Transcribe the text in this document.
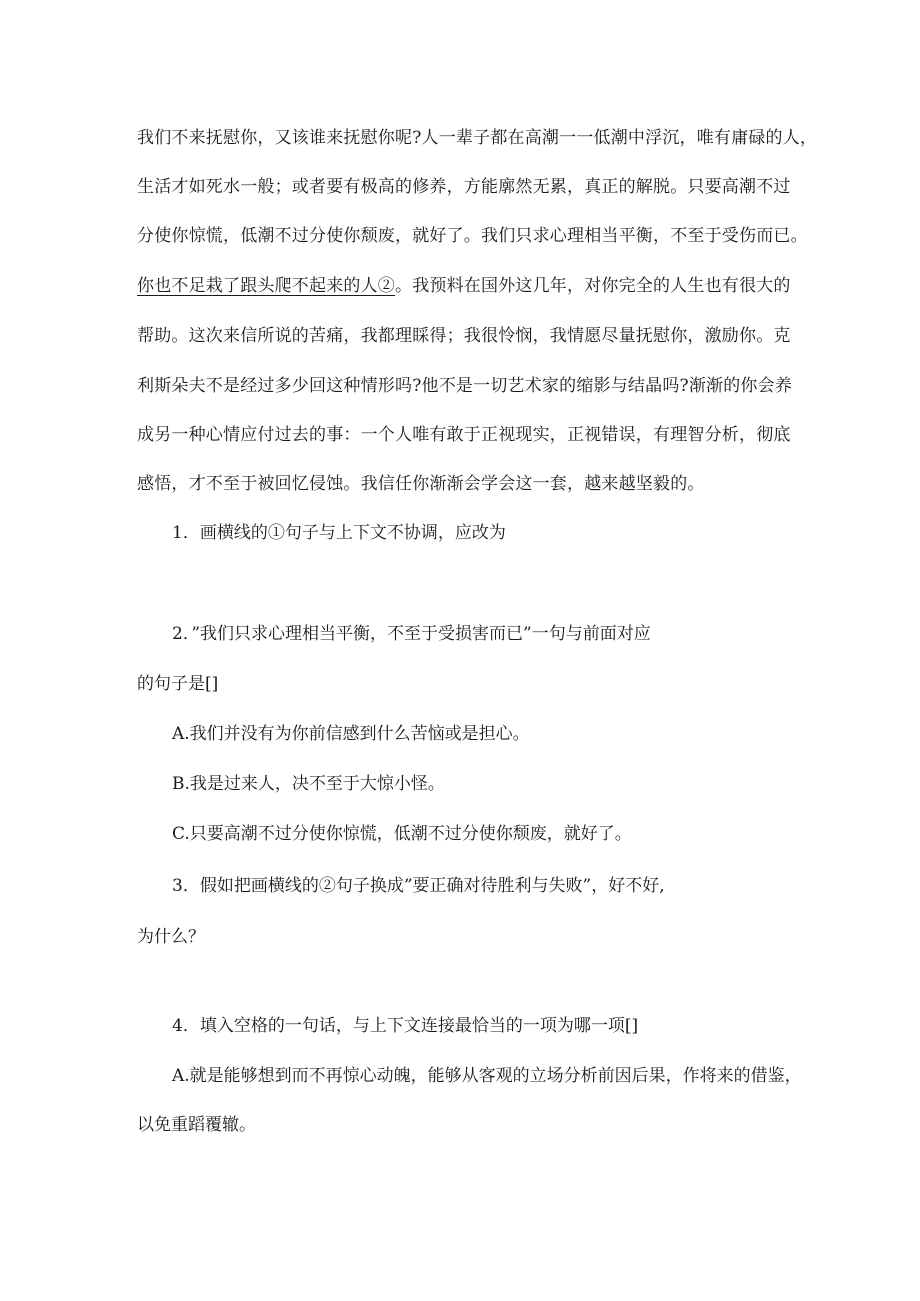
我们不来抚慰你，又该谁来抚慰你呢?人一辈子都在高潮一一低潮中浮沉，唯有庸碌的人，
生活才如死水一般；或者要有极高的修养，方能廓然无累，真正的解脱。只要高潮不过
分使你惊慌，低潮不过分使你颓废，就好了。我们只求心理相当平衡，不至于受伤而已。
你也不足栽了跟头爬不起来的人②。我预料在国外这几年，对你完全的人生也有很大的
帮助。这次来信所说的苦痛，我都理睬得；我很怜悯，我情愿尽量抚慰你，激励你。克
利斯朵夫不是经过多少回这种情形吗?他不是一切艺术家的缩影与结晶吗?渐渐的你会养
成另一种心情应付过去的事：一个人唯有敢于正视现实，正视错误，有理智分析，彻底
感悟，才不至于被回忆侵蚀。我信任你渐渐会学会这一套，越来越坚毅的。
1．画横线的①句子与上下文不协调，应改为
2．”我们只求心理相当平衡，不至于受损害而已”一句与前面对应
的句子是[]
A.我们并没有为你前信感到什么苦恼或是担心。
B.我是过来人，决不至于大惊小怪。
C.只要高潮不过分使你惊慌，低潮不过分使你颓废，就好了。
3．假如把画横线的②句子换成”要正确对待胜利与失败”，好不好,
为什么？
4．填入空格的一句话，与上下文连接最恰当的一项为哪一项[]
A.就是能够想到而不再惊心动魄，能够从客观的立场分析前因后果，作将来的借鉴，
以免重蹈覆辙。
